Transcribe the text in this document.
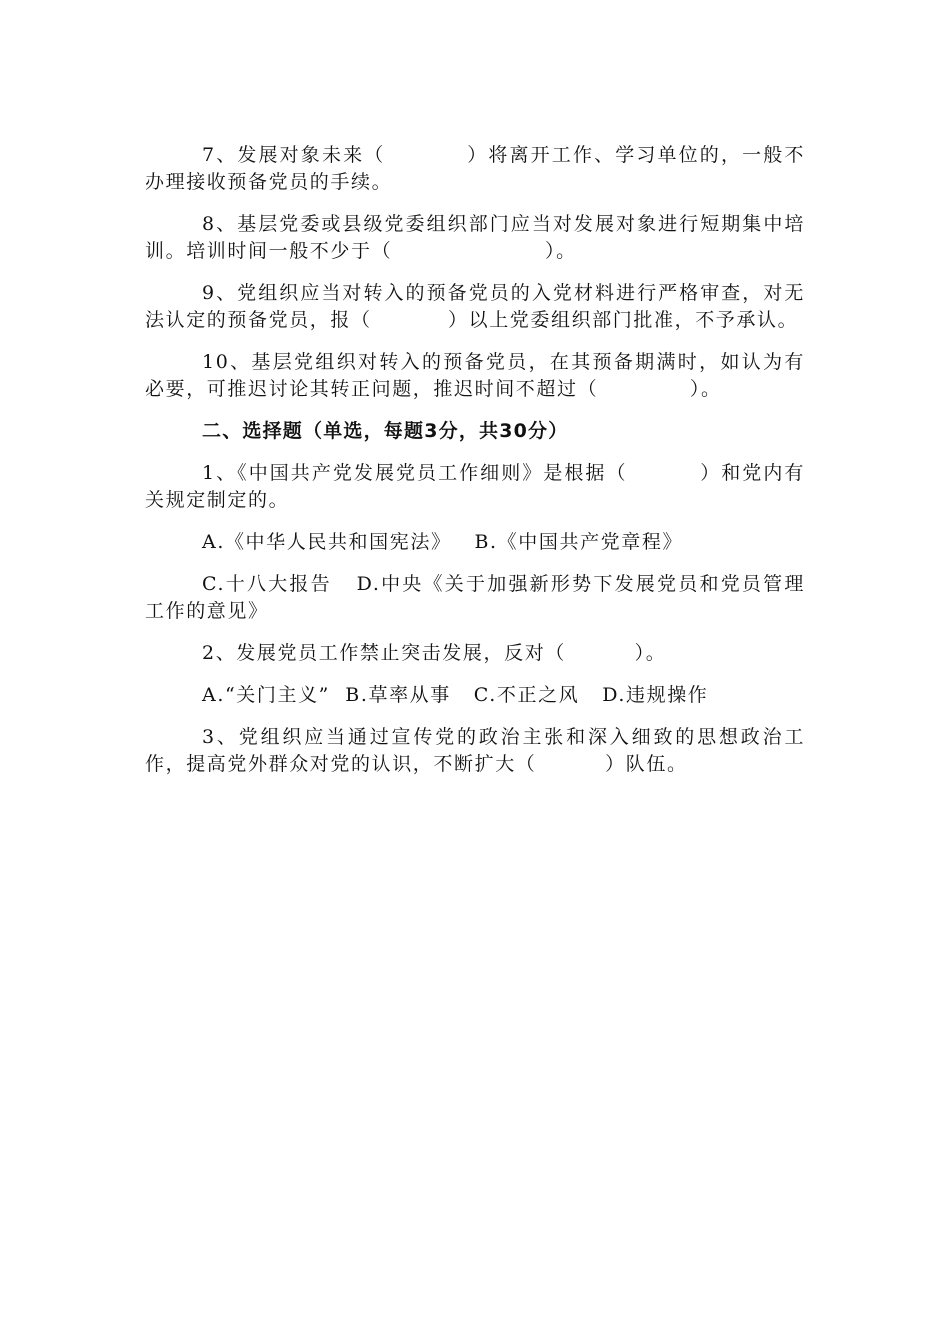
7、发展对象未来（          ）将离开工作、学习单位的，一般不办理接收预备党员的手续。

8、基层党委或县级党委组织部门应当对发展对象进行短期集中培训。培训时间一般不少于（                    ）。

9、党组织应当对转入的预备党员的入党材料进行严格审查，对无法认定的预备党员，报（          ）以上党委组织部门批准，不予承认。

10、基层党组织对转入的预备党员，在其预备期满时，如认为有必要，可推迟讨论其转正问题，推迟时间不超过（            ）。

二、选择题（单选，每题3分，共30分）

1、《中国共产党发展党员工作细则》是根据（         ）和党内有关规定制定的。

A.《中华人民共和国宪法》   B.《中国共产党章程》

C.十八大报告   D.中央《关于加强新形势下发展党员和党员管理工作的意见》

2、发展党员工作禁止突击发展，反对（         ）。

A.“关门主义”  B.草率从事   C.不正之风   D.违规操作

3、党组织应当通过宣传党的政治主张和深入细致的思想政治工作，提高党外群众对党的认识，不断扩大（         ）队伍。
